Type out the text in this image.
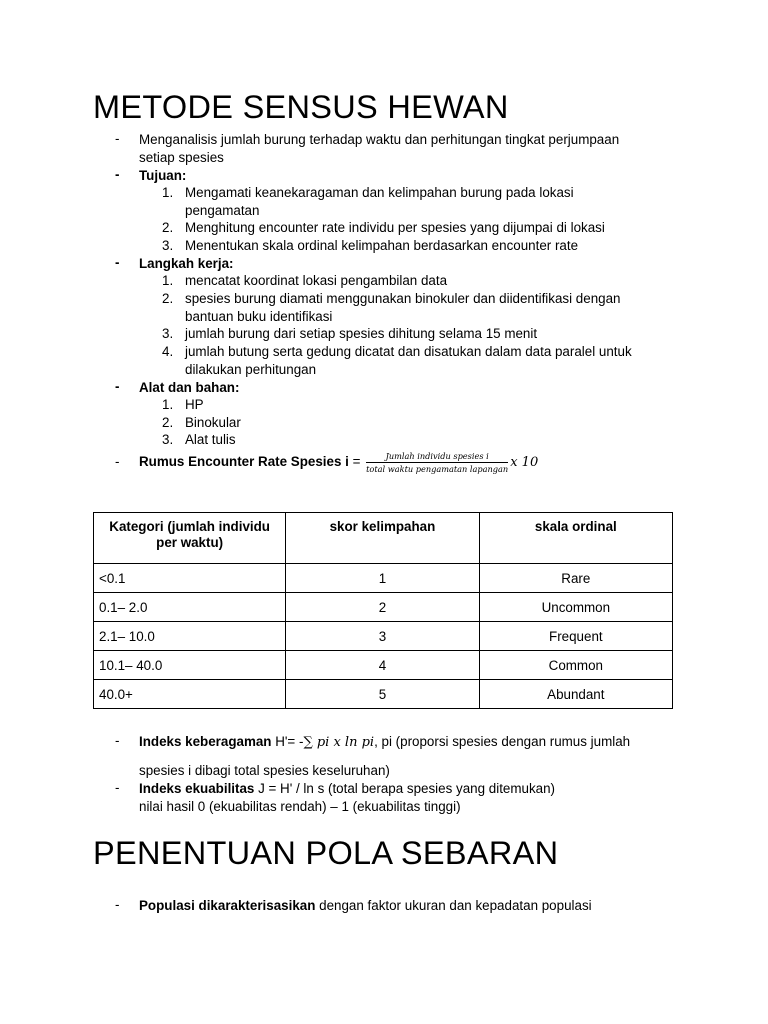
METODE SENSUS HEWAN
- Menganalisis jumlah burung terhadap waktu dan perhitungan tingkat perjumpaan
setiap spesies
- Tujuan:
1. Mengamati keanekaragaman dan kelimpahan burung pada lokasi
pengamatan
2. Menghitung encounter rate individu per spesies yang dijumpai di lokasi
3. Menentukan skala ordinal kelimpahan berdasarkan encounter rate
- Langkah kerja:
1. mencatat koordinat lokasi pengambilan data
2. spesies burung diamati menggunakan binokuler dan diidentifikasi dengan
bantuan buku identifikasi
3. jumlah burung dari setiap spesies dihitung selama 15 menit
4. jumlah butung serta gedung dicatat dan disatukan dalam data paralel untuk
dilakukan perhitungan
- Alat dan bahan:
1. HP
2. Binokular
3. Alat tulis
- Rumus Encounter Rate Spesies $i = \frac{\text{Jumlah individu spesies i}}{\text{total waktu pengamatan lapangan}}$ x 10
Kategori (jumlah individu per waktu)	skor kelimpahan	skala ordinal
<0.1	1	Rare
0.1– 2.0	2	Uncommon
2.1– 10.0	3	Frequent
10.1– 40.0	4	Common
40.0+	5	Abundant
- Indeks keberagaman H'= -∑ pi x ln pi, pi (proporsi spesies dengan rumus jumlah
spesies i dibagi total spesies keseluruhan)
- Indeks ekuabilitas J = H' / ln s (total berapa spesies yang ditemukan)
nilai hasil 0 (ekuabilitas rendah) – 1 (ekuabilitas tinggi)
PENENTUAN POLA SEBARAN
- Populasi dikarakterisasikan dengan faktor ukuran dan kepadatan populasi
